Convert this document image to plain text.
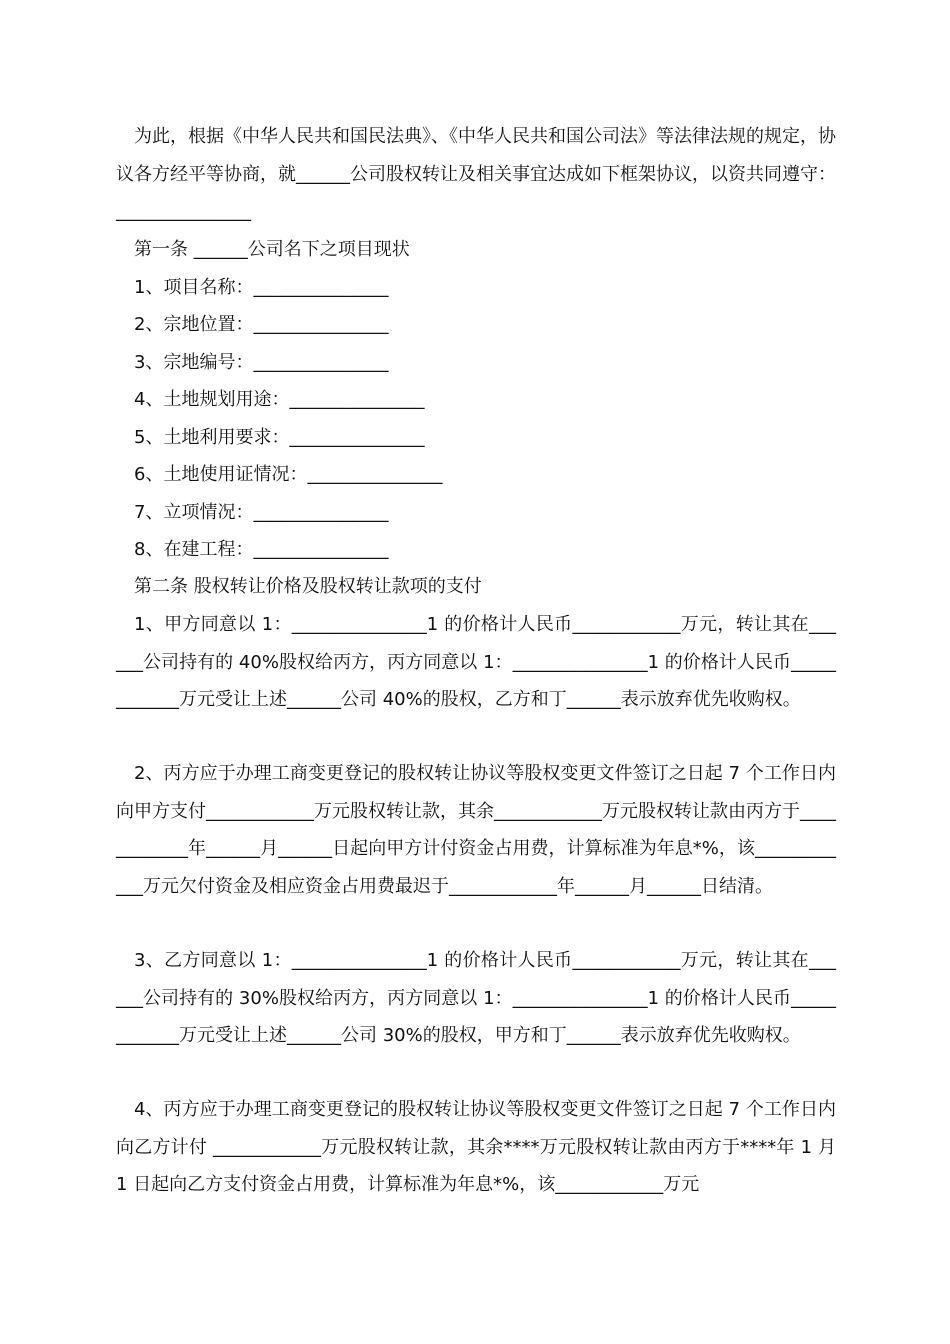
为此，根据《中华人民共和国民法典》、《中华人民共和国公司法》等法律法规的规定，协议各方经平等协商，就______公司股权转让及相关事宜达成如下框架协议，以资共同遵守：_______________

第一条 ______公司名下之项目现状
1、项目名称：_______________
2、宗地位置：_______________
3、宗地编号：_______________
4、土地规划用途：_______________
5、土地利用要求：_______________
6、土地使用证情况：_______________
7、立项情况：_______________
8、在建工程：_______________
第二条 股权转让价格及股权转让款项的支付

1、甲方同意以 1：_______________1 的价格计人民币____________万元，转让其在______公司持有的 40%股权给丙方，丙方同意以 1：_______________1 的价格计人民币____________万元受让上述______公司 40%的股权，乙方和丁______表示放弃优先收购权。

2、丙方应于办理工商变更登记的股权转让协议等股权变更文件签订之日起 7 个工作日内向甲方支付____________万元股权转让款，其余____________万元股权转让款由丙方于____________年______月______日起向甲方计付资金占用费，计算标准为年息*%，该____________万元欠付资金及相应资金占用费最迟于____________年______月______日结清。

3、乙方同意以 1：_______________1 的价格计人民币____________万元，转让其在______公司持有的 30%股权给丙方，丙方同意以 1：_______________1 的价格计人民币____________万元受让上述______公司 30%的股权，甲方和丁______表示放弃优先收购权。

4、丙方应于办理工商变更登记的股权转让协议等股权变更文件签订之日起 7 个工作日内向乙方计付 ____________万元股权转让款，其余****万元股权转让款由丙方于****年 1 月 1 日起向乙方支付资金占用费，计算标准为年息*%，该____________万元
